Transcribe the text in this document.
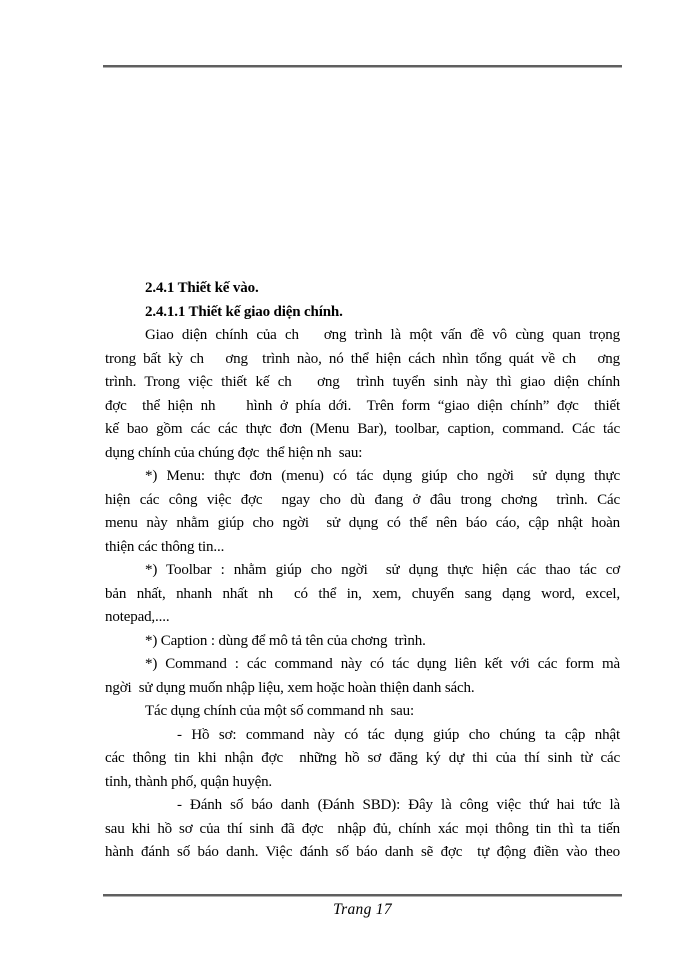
2.4.1 Thiết kế vào.
2.4.1.1 Thiết kế giao diện chính.
Giao diện chính của ch   ơng trình là một vấn đề vô cùng quan trọng
trong bất kỳ ch   ơng  trình nào, nó thể hiện cách nhìn tổng quát về ch   ơng
trình. Trong việc thiết kế ch   ơng  trình tuyển sinh này thì giao diện chính
đợc  thể hiện nh    hình ở phía dới.  Trên form “giao diện chính” đợc  thiết
kế bao gồm các các thực đơn (Menu Bar), toolbar, caption, command. Các tác
dụng chính của chúng đợc  thể hiện nh  sau:
*) Menu: thực đơn (menu) có tác dụng giúp cho ngời  sử dụng thực
hiện các công việc đợc  ngay cho dù đang ở đâu trong chơng  trình. Các
menu này nhằm giúp cho ngời  sử dụng có thể nên báo cáo, cập nhật hoàn
thiện các thông tin...
*) Toolbar : nhằm giúp cho ngời  sử dụng thực hiện các thao tác cơ
bản nhất, nhanh nhất nh  có thể in, xem, chuyển sang dạng word, excel,
notepad,....
*) Caption : dùng để mô tả tên của chơng  trình.
*) Command : các command này có tác dụng liên kết với các form mà
ngời  sử dụng muốn nhập liệu, xem hoặc hoàn thiện danh sách.
Tác dụng chính của một số command nh  sau:
- Hồ sơ: command này có tác dụng giúp cho chúng ta cập nhật
các thông tin khi nhận đợc  những hồ sơ đăng ký dự thi của thí sinh từ các
tỉnh, thành phố, quận huyện.
- Đánh số báo danh (Đánh SBD): Đây là công việc thứ hai tức là
sau khi hồ sơ của thí sinh đã đợc  nhập đủ, chính xác mọi thông tin thì ta tiến
hành đánh số báo danh. Việc đánh số báo danh sẽ đợc  tự động điền vào theo
Trang 17
